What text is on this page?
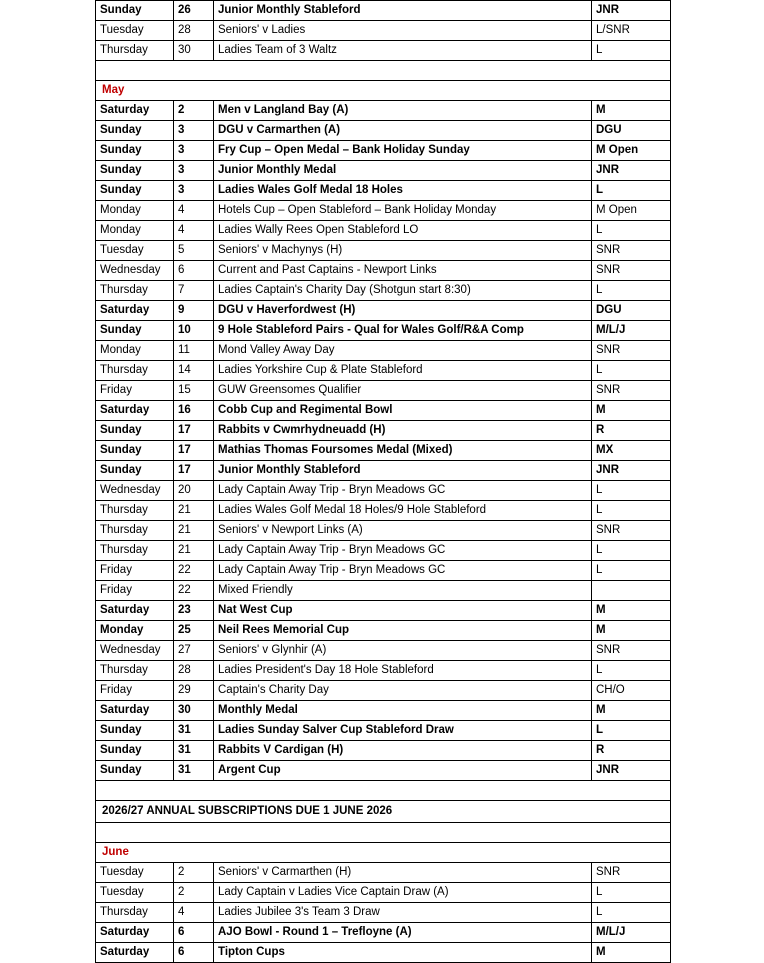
Sunday	26	Junior Monthly Stableford	JNR
Tuesday	28	Seniors' v Ladies	L/SNR
Thursday	30	Ladies Team of 3 Waltz	L

May			
Saturday	2	Men v Langland Bay (A)	M
Sunday	3	DGU v Carmarthen (A)	DGU
Sunday	3	Fry Cup – Open Medal – Bank Holiday Sunday	M Open
Sunday	3	Junior Monthly Medal	JNR
Sunday	3	Ladies Wales Golf Medal 18 Holes	L
Monday	4	Hotels Cup – Open Stableford – Bank Holiday Monday	M Open
Monday	4	Ladies Wally Rees Open Stableford LO	L
Tuesday	5	Seniors' v Machynys (H)	SNR
Wednesday	6	Current and Past Captains - Newport Links	SNR
Thursday	7	Ladies Captain's Charity Day (Shotgun start 8:30)	L
Saturday	9	DGU v Haverfordwest (H)	DGU
Sunday	10	9 Hole Stableford Pairs - Qual for Wales Golf/R&A Comp	M/L/J
Monday	11	Mond Valley Away Day	SNR
Thursday	14	Ladies Yorkshire Cup & Plate Stableford	L
Friday	15	GUW Greensomes Qualifier	SNR
Saturday	16	Cobb Cup and Regimental Bowl	M
Sunday	17	Rabbits v Cwmrhydneuadd (H)	R
Sunday	17	Mathias Thomas Foursomes Medal (Mixed)	MX
Sunday	17	Junior Monthly Stableford	JNR
Wednesday	20	Lady Captain Away Trip - Bryn Meadows GC	L
Thursday	21	Ladies Wales Golf Medal 18 Holes/9 Hole Stableford	L
Thursday	21	Seniors' v Newport Links (A)	SNR
Thursday	21	Lady Captain Away Trip - Bryn Meadows GC	L
Friday	22	Lady Captain Away Trip - Bryn Meadows GC	L
Friday	22	Mixed Friendly	
Saturday	23	Nat West Cup	M
Monday	25	Neil Rees Memorial Cup	M
Wednesday	27	Seniors' v Glynhir (A)	SNR
Thursday	28	Ladies President's Day 18 Hole Stableford	L
Friday	29	Captain's Charity Day	CH/O
Saturday	30	Monthly Medal	M
Sunday	31	Ladies Sunday Salver Cup Stableford Draw	L
Sunday	31	Rabbits V Cardigan (H)	R
Sunday	31	Argent Cup	JNR

2026/27 ANNUAL SUBSCRIPTIONS DUE 1 JUNE 2026			

June			
Tuesday	2	Seniors' v Carmarthen (H)	SNR
Tuesday	2	Lady Captain v Ladies Vice Captain Draw (A)	L
Thursday	4	Ladies Jubilee 3's Team 3 Draw	L
Saturday	6	AJO Bowl - Round 1 – Trefloyne (A)	M/L/J
Saturday	6	Tipton Cups	M
